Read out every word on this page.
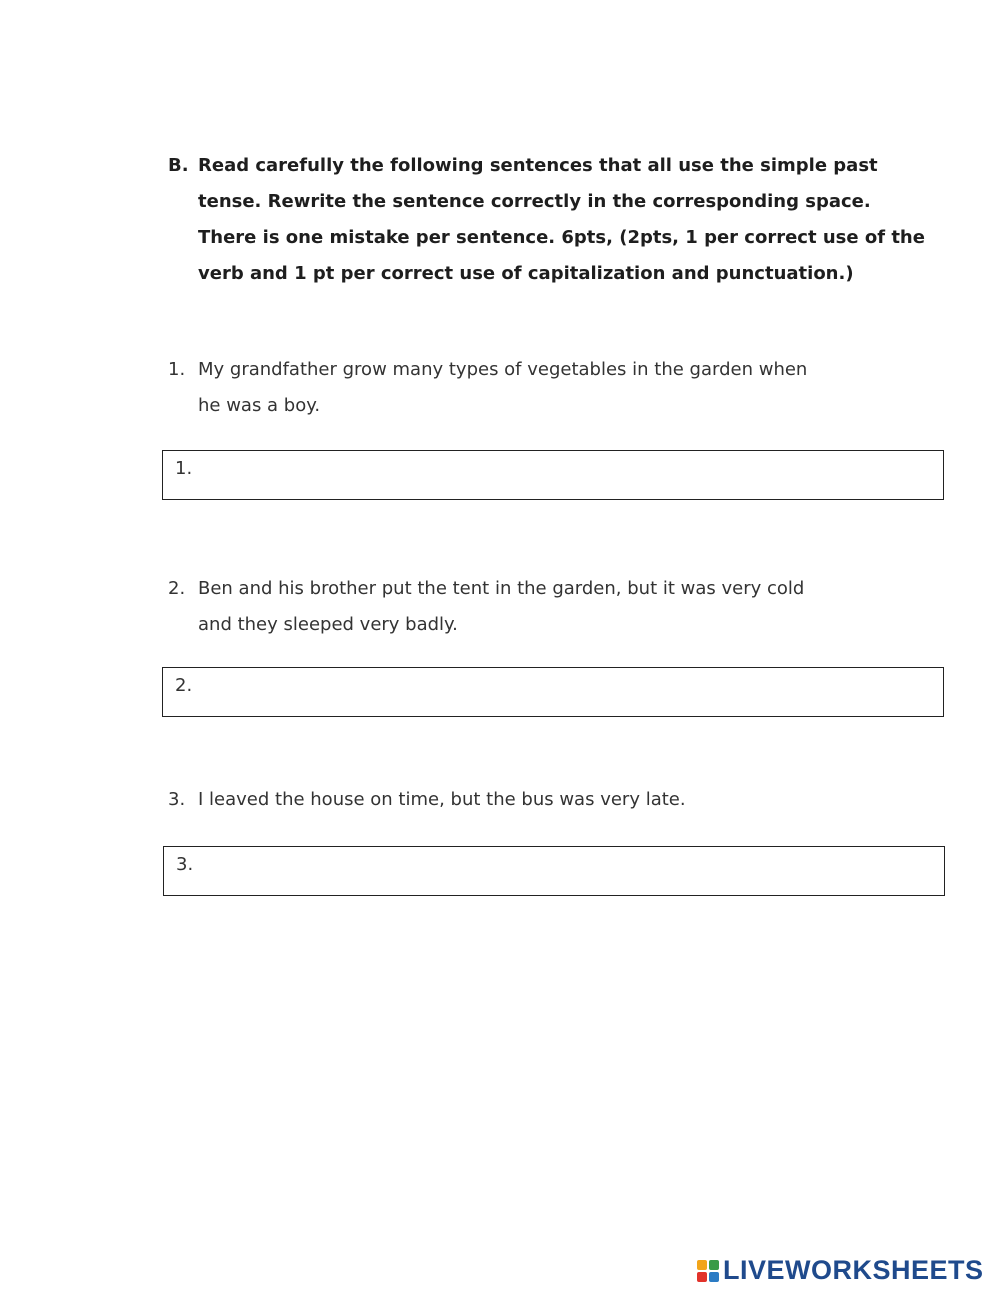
B. Read carefully the following sentences that all use the simple past
tense. Rewrite the sentence correctly in the corresponding space.
There is one mistake per sentence. 6pts, (2pts, 1 per correct use of the
verb and 1 pt per correct use of capitalization and punctuation.)
1. My grandfather grow many types of vegetables in the garden when
he was a boy.
1.
2. Ben and his brother put the tent in the garden, but it was very cold
and they sleeped very badly.
2.
3. I leaved the house on time, but the bus was very late.
3.
LIVEWORKSHEETS
